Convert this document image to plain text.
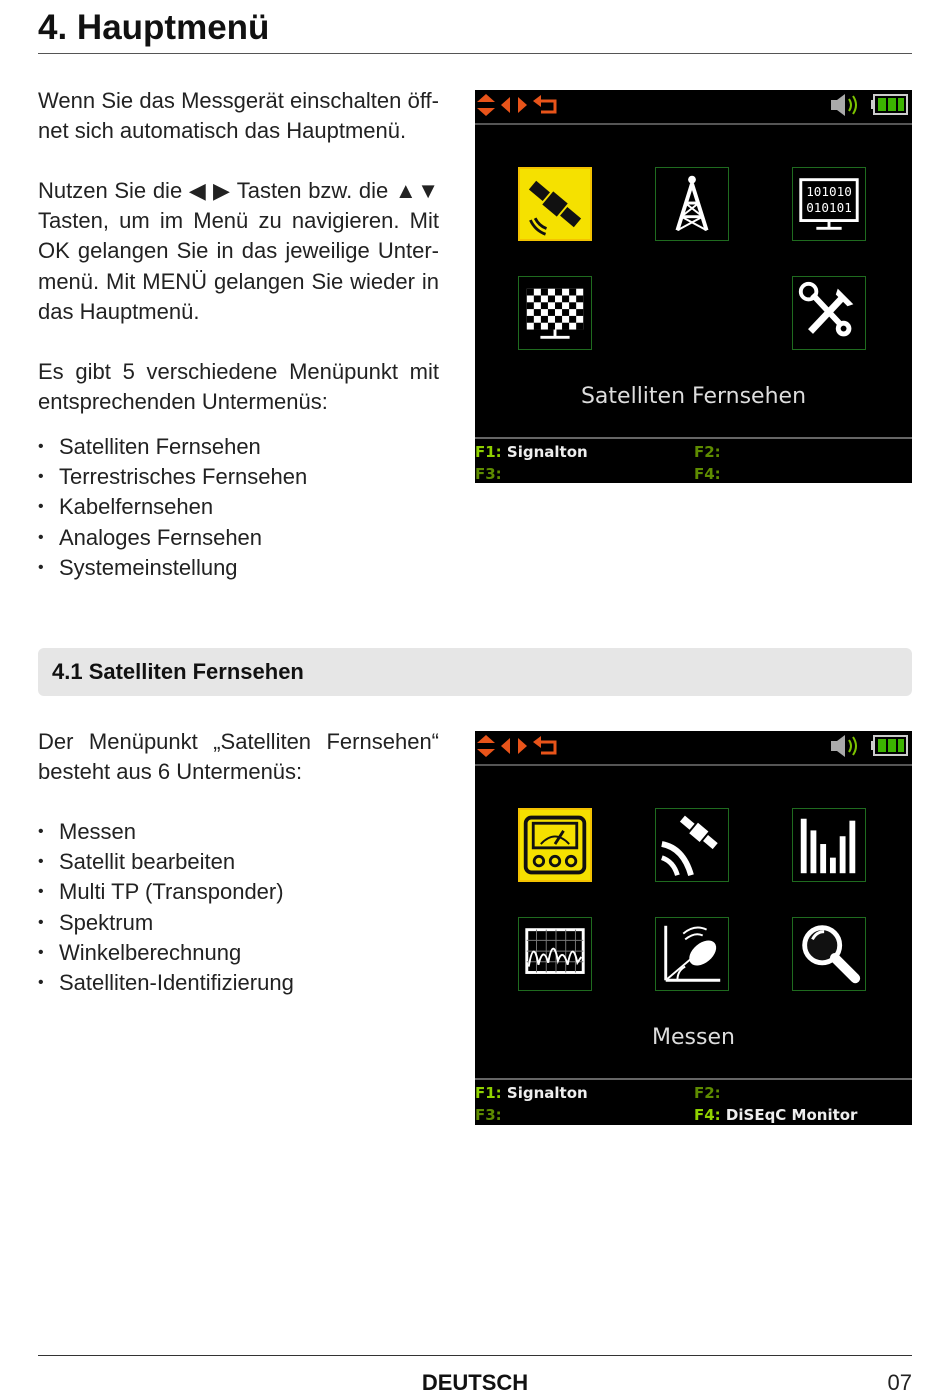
4. Hauptmenü

Wenn Sie das Messgerät einschalten öff-net sich automatisch das Hauptmenü.

Nutzen Sie die ◀ ▶ Tasten bzw. die ▲▼ Tasten, um im Menü zu navigieren. Mit OK gelangen Sie in das jeweilige Unter-menü. Mit MENÜ gelangen Sie wieder in das Hauptmenü.

Es gibt 5 verschiedene Menüpunkt mit entsprechenden Untermenüs:

• Satelliten Fernsehen
• Terrestrisches Fernsehen
• Kabelfernsehen
• Analoges Fernsehen
• Systemeinstellung
101010
010101
Satelliten Fernsehen
F1: Signalton	F2:
F3:	F4:
4.1 Satelliten Fernsehen

Der Menüpunkt „Satelliten Fernsehen“ besteht aus 6 Untermenüs:

• Messen
• Satellit bearbeiten
• Multi TP (Transponder)
• Spektrum
• Winkelberechnung
• Satelliten-Identifizierung
Messen
F1: Signalton	F2:
F3:	F4: DiSEqC Monitor
DEUTSCH	07
